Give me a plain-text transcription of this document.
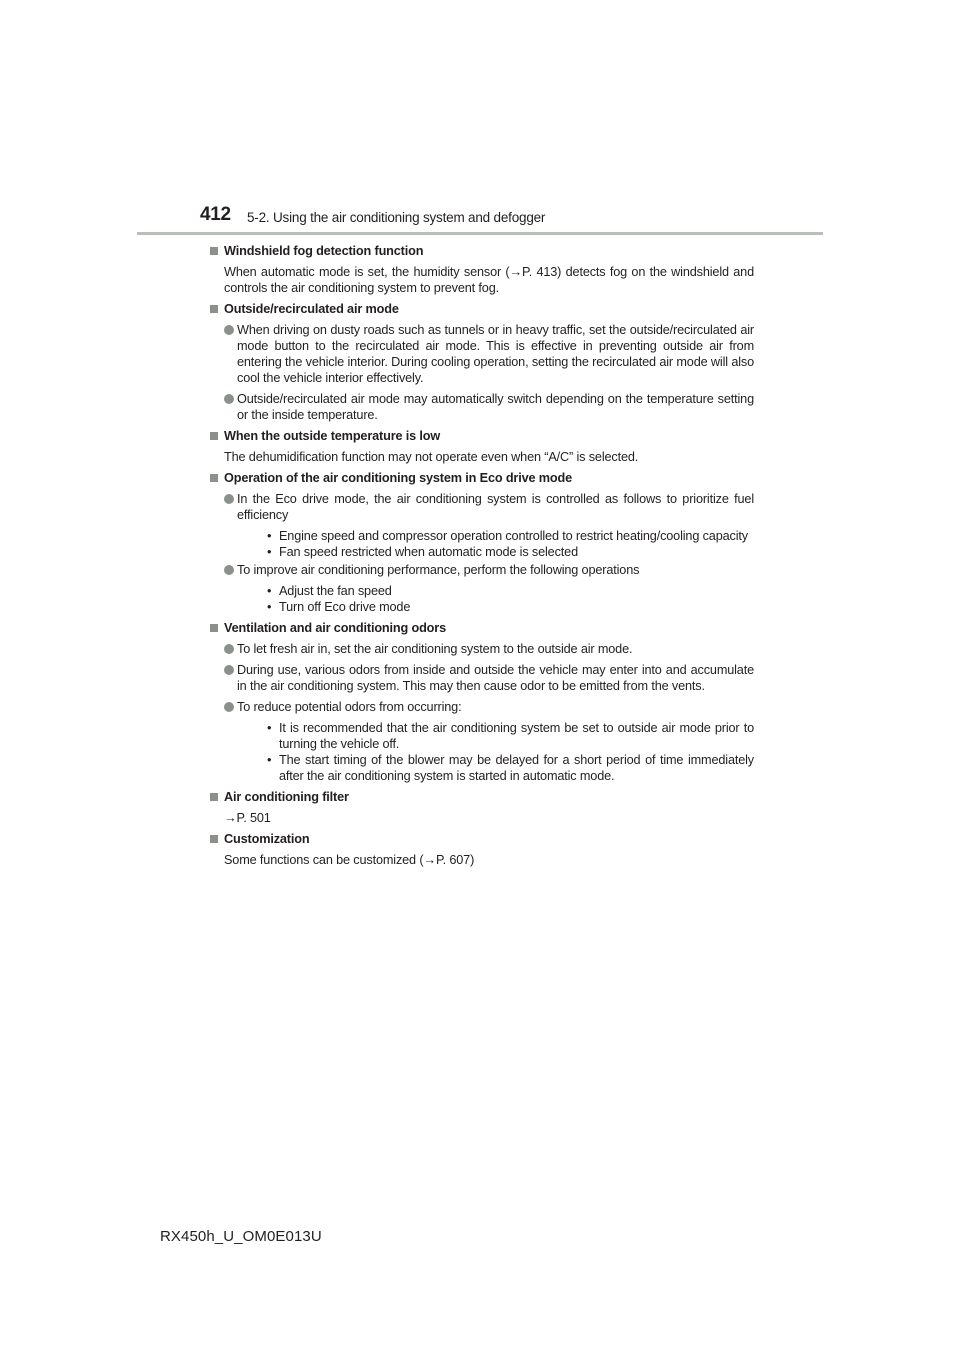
412 5-2. Using the air conditioning system and defogger
Windshield fog detection function
When automatic mode is set, the humidity sensor (→P. 413) detects fog on the windshield and controls the air conditioning system to prevent fog.
Outside/recirculated air mode
When driving on dusty roads such as tunnels or in heavy traffic, set the outside/recirculated air mode button to the recirculated air mode. This is effective in preventing outside air from entering the vehicle interior. During cooling operation, setting the recirculated air mode will also cool the vehicle interior effectively.
Outside/recirculated air mode may automatically switch depending on the temperature setting or the inside temperature.
When the outside temperature is low
The dehumidification function may not operate even when “A/C” is selected.
Operation of the air conditioning system in Eco drive mode
In the Eco drive mode, the air conditioning system is controlled as follows to prioritize fuel efficiency
• Engine speed and compressor operation controlled to restrict heating/cooling capacity
• Fan speed restricted when automatic mode is selected
To improve air conditioning performance, perform the following operations
• Adjust the fan speed
• Turn off Eco drive mode
Ventilation and air conditioning odors
To let fresh air in, set the air conditioning system to the outside air mode.
During use, various odors from inside and outside the vehicle may enter into and accumulate in the air conditioning system. This may then cause odor to be emitted from the vents.
To reduce potential odors from occurring:
• It is recommended that the air conditioning system be set to outside air mode prior to turning the vehicle off.
• The start timing of the blower may be delayed for a short period of time immediately after the air conditioning system is started in automatic mode.
Air conditioning filter
→P. 501
Customization
Some functions can be customized (→P. 607)
RX450h_U_OM0E013U
